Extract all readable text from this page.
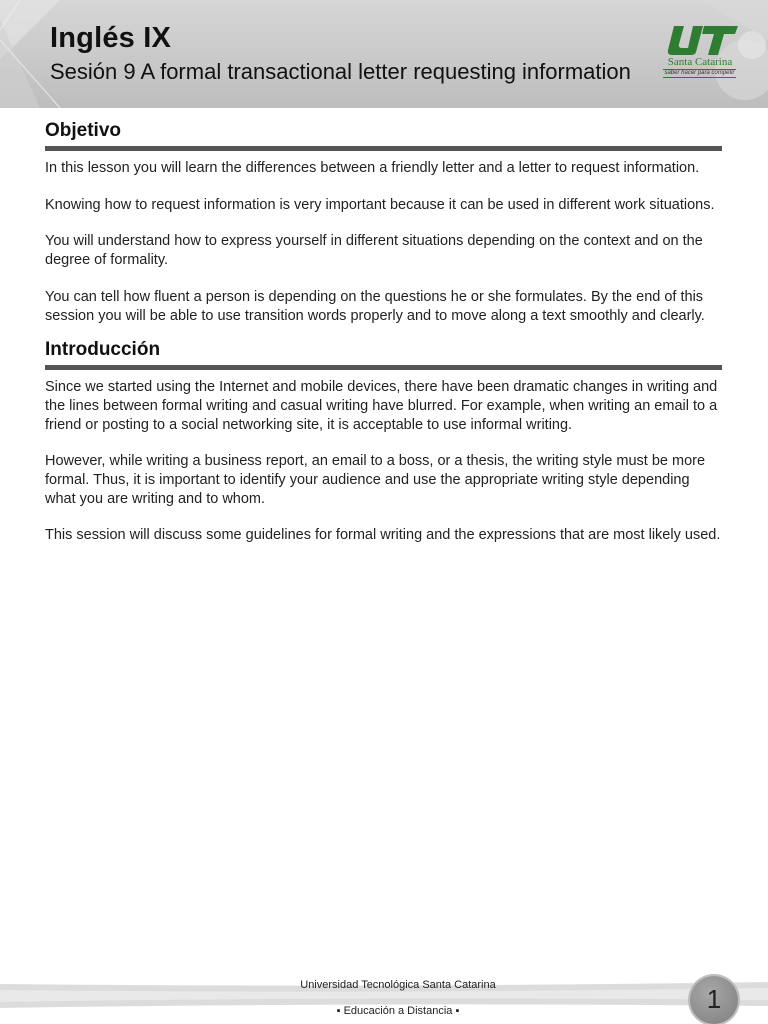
Inglés IX
Sesión 9 A formal transactional letter requesting information	Santa Catarina
saber hacer para competir
Objetivo

In this lesson you will learn the differences between a friendly letter and a letter to request information.

Knowing how to request information is very important because it can be used in different work situations.

You will understand how to express yourself in different situations depending on the context and on the degree of formality.

You can tell how fluent a person is depending on the questions he or she formulates. By the end of this session you will be able to use transition words properly and to move along a text smoothly and clearly.

Introducción

Since we started using the Internet and mobile devices, there have been dramatic changes in writing and the lines between formal writing and casual writing have blurred. For example, when writing an email to a friend or posting to a social networking site, it is acceptable to use informal writing.

However, while writing a business report, an email to a boss, or a thesis, the writing style must be more formal. Thus, it is important to identify your audience and use the appropriate writing style depending what you are writing and to whom.

This session will discuss some guidelines for formal writing and the expressions that are most likely used.

Universidad Tecnológica Santa Catarina
▪ Educación a Distancia ▪	1
